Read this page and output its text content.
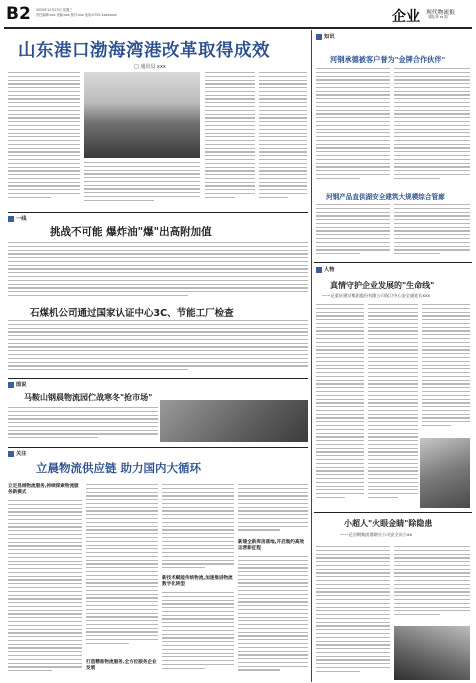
B2 2020年12月23日 星期三
责任编辑:xxx 美编:xxx 校对:xxx 电话:0755-2xxxxxxx	企业 现代物流报
周报/第 xx 期
山东港口渤海湾港改革取得成效
□ 通讯员 xxx
一线
挑战不可能 爆炸油"爆"出高附加值
石煤机公司通过国家认证中心3C、节能工厂检查
图说
马鞍山钢晨物流园伫战寒冬"抢市场"
关注
立晨物流供应链 助力国内大循环
立足县城物流服务,持续探索物流服务新模式
打造精准物流服务,全方位服务企业发展
新技术赋能传统物流,加速推进物流数字化转型
新建全新库房落地,开启集约高效运营新征程
知讯
河钢承德被客户誉为"金牌合作伙伴"
河钢产品直供湖安全建筑大规模综合管廊
人物
真情守护企业发展的"生命线"
——记重庆建设集团股份有限公司保卫中心安全副处长xxx
小超人"火眼金睛"除隐患
——记河钢集团邯钢分公司安全员小xx
